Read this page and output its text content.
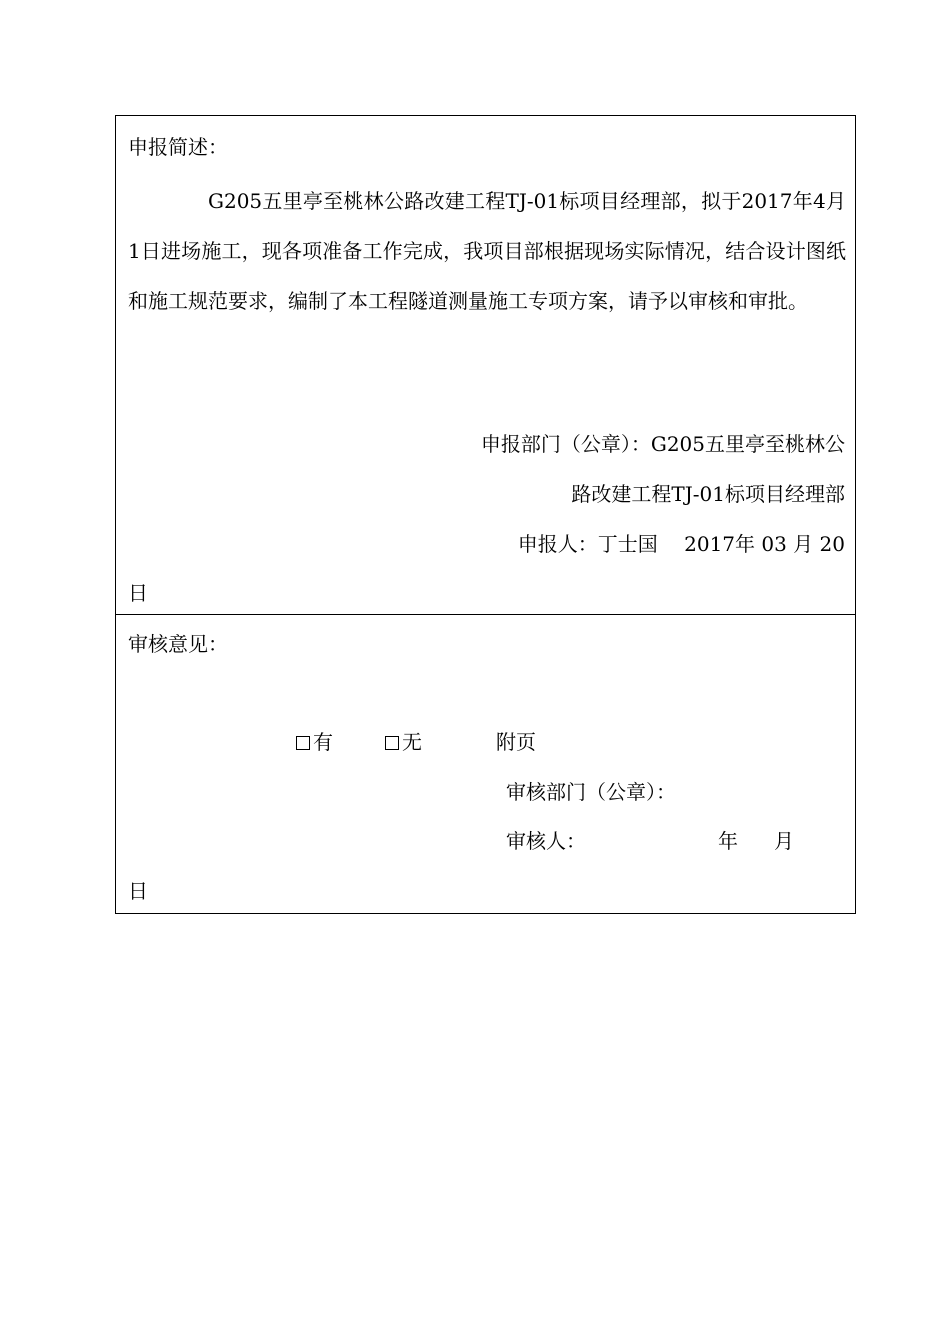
申报简述：
G205五里亭至桃林公路改建工程TJ-01标项目经理部，拟于2017年4月1日进场施工，现各项准备工作完成，我项目部根据现场实际情况，结合设计图纸和施工规范要求，编制了本工程隧道测量施工专项方案，请予以审核和审批。
申报部门（公章）：G205五里亭至桃林公
路改建工程TJ-01标项目经理部
申报人：丁士国　 2017年 03 月 20
日
审核意见：
有	无	附页
审核部门（公章）：
审核人：	年 月
日
